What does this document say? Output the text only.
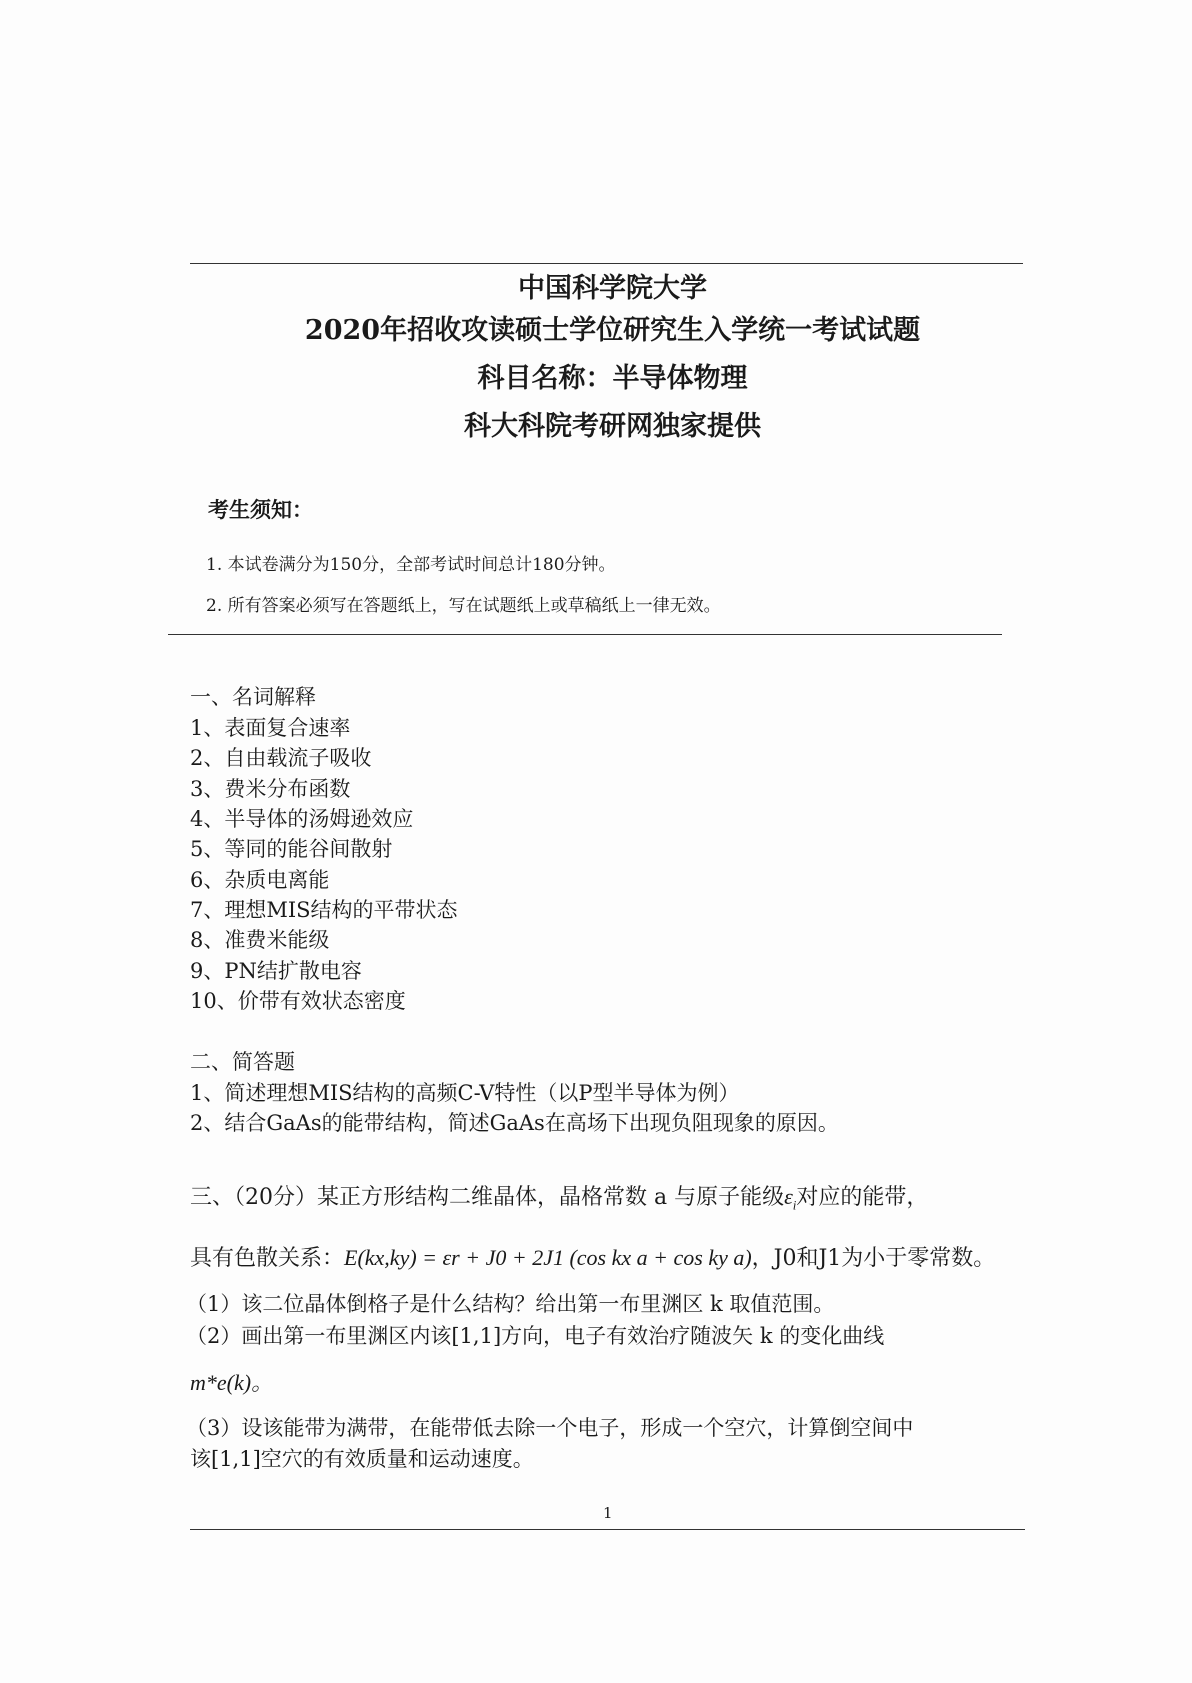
中国科学院大学
2020年招收攻读硕士学位研究生入学统一考试试题
科目名称：半导体物理
科大科院考研网独家提供
考生须知：
1. 本试卷满分为150分，全部考试时间总计180分钟。
2. 所有答案必须写在答题纸上，写在试题纸上或草稿纸上一律无效。
一、名词解释
1、表面复合速率
2、自由载流子吸收
3、费米分布函数
4、半导体的汤姆逊效应
5、等同的能谷间散射
6、杂质电离能
7、理想MIS结构的平带状态
8、准费米能级
9、PN结扩散电容
10、价带有效状态密度
二、简答题
1、简述理想MIS结构的高频C-V特性（以P型半导体为例）
2、结合GaAs的能带结构，简述GaAs在高场下出现负阻现象的原因。
三、（20分）某正方形结构二维晶体，晶格常数 a 与原子能级$\varepsilon_i$对应的能带，
具有色散关系：E(kx,ky) = εr + J0 + 2J1 (cos kx a + cos ky a)，J0和J1为小于零常数。
（1）该二位晶体倒格子是什么结构？给出第一布里渊区 k 取值范围。
（2）画出第一布里渊区内该[1,1]方向，电子有效治疗随波矢 k 的变化曲线
m*e(k)。
（3）设该能带为满带，在能带低去除一个电子，形成一个空穴，计算倒空间中
该[1,1]空穴的有效质量和运动速度。
1
